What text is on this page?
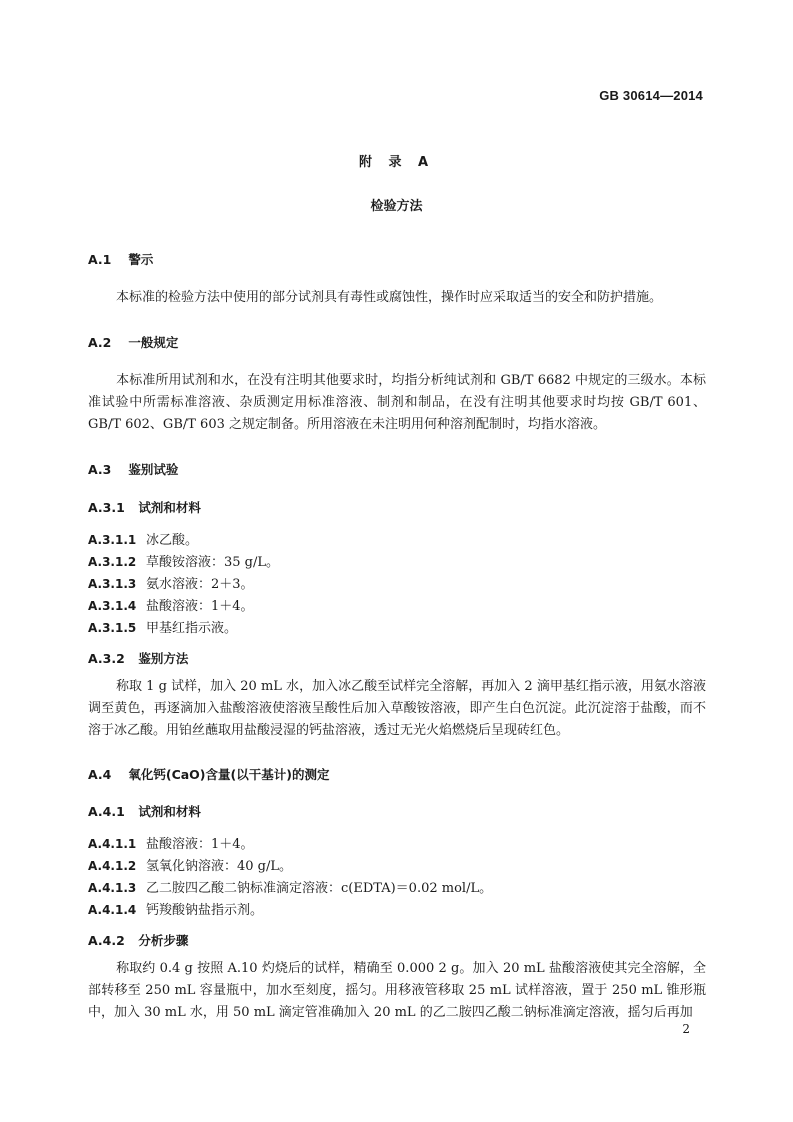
GB 30614—2014
附 录 A
检验方法
A.1 警示
本标准的检验方法中使用的部分试剂具有毒性或腐蚀性，操作时应采取适当的安全和防护措施。
A.2 一般规定
本标准所用试剂和水，在没有注明其他要求时，均指分析纯试剂和 GB/T 6682 中规定的三级水。本标准试验中所需标准溶液、杂质测定用标准溶液、制剂和制品，在没有注明其他要求时均按 GB/T 601、GB/T 602、GB/T 603 之规定制备。所用溶液在未注明用何种溶剂配制时，均指水溶液。
A.3 鉴别试验
A.3.1 试剂和材料
A.3.1.1 冰乙酸。
A.3.1.2 草酸铵溶液：35 g/L。
A.3.1.3 氨水溶液：2＋3。
A.3.1.4 盐酸溶液：1＋4。
A.3.1.5 甲基红指示液。
A.3.2 鉴别方法
称取 1 g 试样，加入 20 mL 水，加入冰乙酸至试样完全溶解，再加入 2 滴甲基红指示液，用氨水溶液调至黄色，再逐滴加入盐酸溶液使溶液呈酸性后加入草酸铵溶液，即产生白色沉淀。此沉淀溶于盐酸，而不溶于冰乙酸。用铂丝蘸取用盐酸浸湿的钙盐溶液，透过无光火焰燃烧后呈现砖红色。
A.4 氧化钙(CaO)含量(以干基计)的测定
A.4.1 试剂和材料
A.4.1.1 盐酸溶液：1＋4。
A.4.1.2 氢氧化钠溶液：40 g/L。
A.4.1.3 乙二胺四乙酸二钠标准滴定溶液：c(EDTA)＝0.02 mol/L。
A.4.1.4 钙羧酸钠盐指示剂。
A.4.2 分析步骤
称取约 0.4 g 按照 A.10 灼烧后的试样，精确至 0.000 2 g。加入 20 mL 盐酸溶液使其完全溶解，全部转移至 250 mL 容量瓶中，加水至刻度，摇匀。用移液管移取 25 mL 试样溶液，置于 250 mL 锥形瓶中，加入 30 mL 水，用 50 mL 滴定管准确加入 20 mL 的乙二胺四乙酸二钠标准滴定溶液，摇匀后再加
2
